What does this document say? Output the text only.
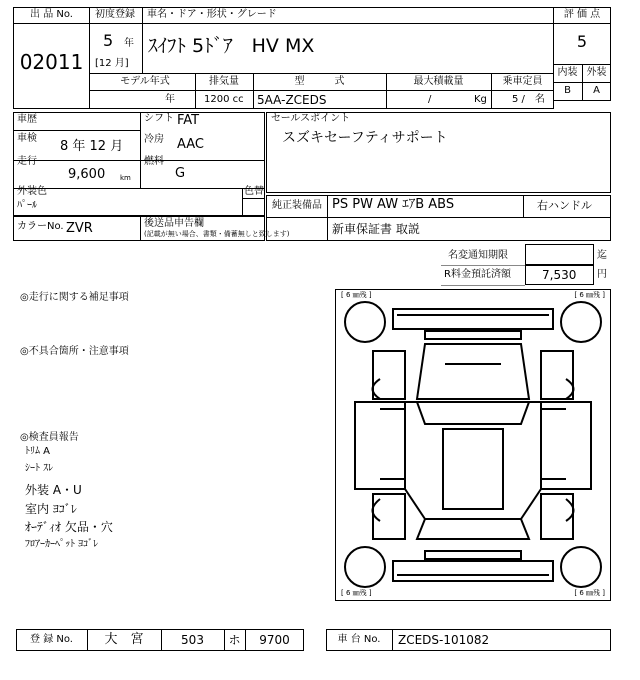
出 品 No.
02011
初度登録 車名・ドア・形状・グレード
5 年
[12 月]
ｽｲﾌﾄ 5ﾄﾞｱ　HV MX
モデル年式	排気量	型　　　式	最大積載量	乗車定員
年	1200 cc 5AA-ZCEDS	/	Kg	5 /　名
評 価 点
5
内装 外装
B	A
車歴	シフト FAT
車検
8 年 12 月 冷房 AAC
走行
9,600 km
燃料
G
外装色
ﾊﾟｰﾙ
色替
カラーNo. ZVR	後送品申告欄
(記載が無い場合、書類・備蓄無しと致します)
セールスポイント
スズキセーフティサポート
純正装備品 PS PW AW ｴｱB ABS	右ハンドル
新車保証書 取説
名変通知期限	迄
R料金預託済額	7,530 円
◎走行に関する補足事項
◎不具合箇所・注意事項
◎検査員報告
ﾄﾘﾑ A
ｼｰﾄ ｽﾚ
外装 A・U
室内 ﾖｺﾞﾚ
ｵｰﾃﾞｨｵ 欠品・穴
ﾌﾛｱｰｶｰﾍﾟｯﾄ ﾖｺﾞﾚ
[ 6 ㎜残 ]	[ 6 ㎜残 ]
[ 6 ㎜残 ]	[ 6 ㎜残 ]
登 録 No.	大　宮	503	ホ	9700	車 台 No.	ZCEDS-101082
